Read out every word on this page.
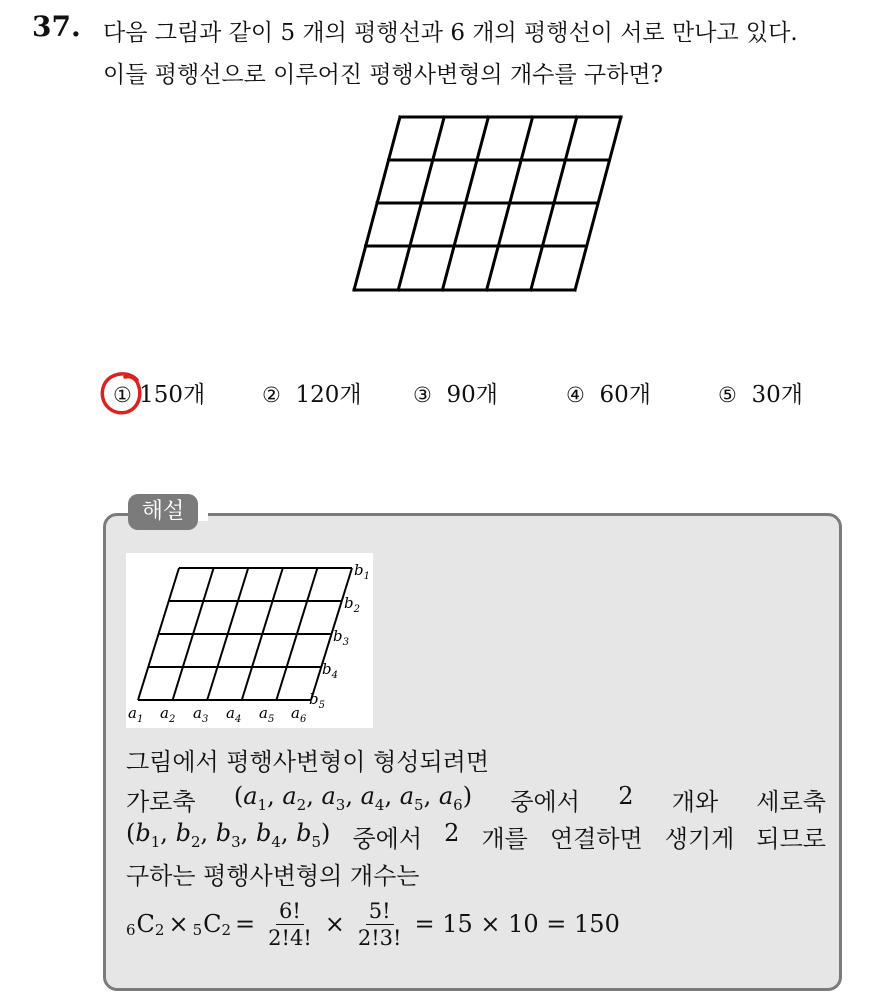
37. 다음 그림과 같이 5 개의 평행선과 6 개의 평행선이 서로 만나고 있다.
이들 평행선으로 이루어진 평행사변형의 개수를 구하면?
① 150개	② 120개 ③ 90개	④ 60개	⑤ 30개
해설
$b_1$
$b_2$
$b_3$
$b_4$
$b_5$
$a_1$ $a_2$ $a_3$ $a_4$ $a_5$ $a_6$
그림에서 평행사변형이 형성되려면
가로축 ($a_1$, $a_2$, $a_3$, $a_4$, $a_5$, $a_6$) 중에서 2 개와 세로축
($b_1$, $b_2$, $b_3$, $b_4$, $b_5$) 중에서 2 개를 연결하면 생기게 되므로
구하는 평행사변형의 개수는
6 C 2 × 5 C $2 = \frac{6!}{2!4!} \times \frac{5!}{2!3!} = 15 \times 10 = 150$
